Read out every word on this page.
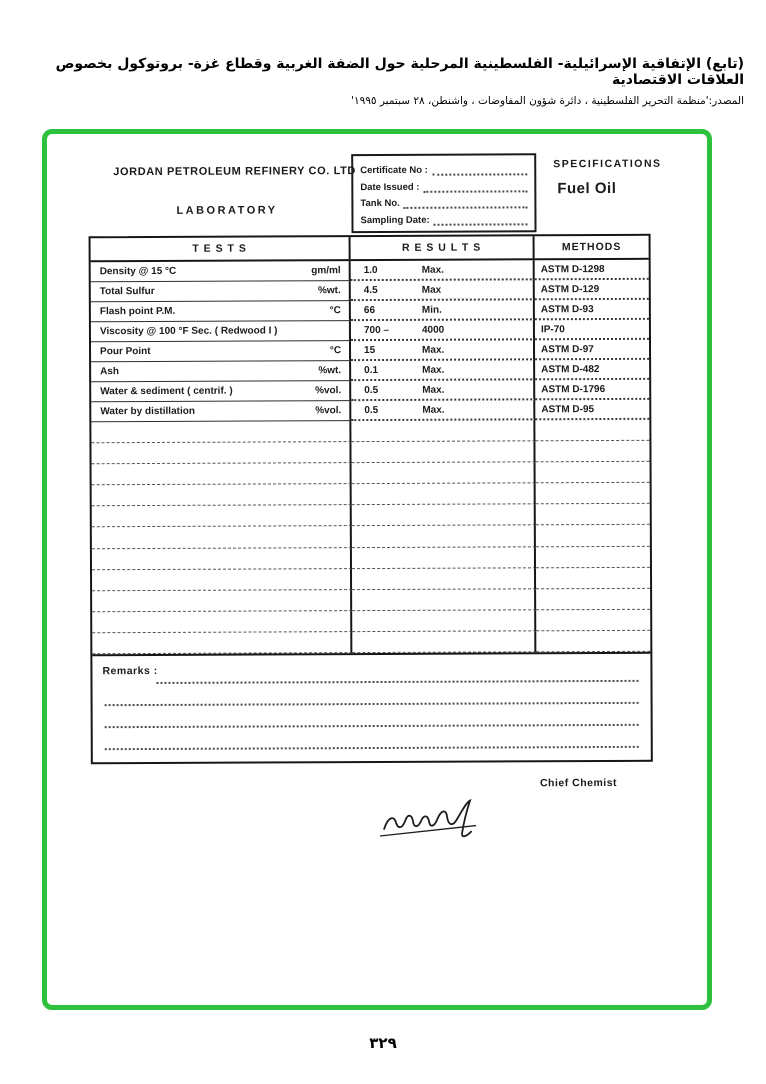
(تابع) الإتفاقية الإسرائيلية- الفلسطينية المرحلية حول الضفة الغربية وقطاع غزة- بروتوكول بخصوص العلاقات الاقتصادية
المصدر:'منظمة التحرير الفلسطينية ، دائرة شؤون المفاوضات ، واشنطن، ٢٨ سبتمبر ١٩٩٥'
JORDAN PETROLEUM REFINERY CO. LTD
LABORATORY
Certificate No :
Date Issued :
Tank No.
Sampling Date:
SPECIFICATIONS
Fuel Oil
T E S T S	R E S U L T S	METHODS
Density @ 15 °C	gm/ml 1.0	Max.	ASTM D-1298
Total Sulfur	%wt. 4.5	Max	ASTM D-129
Flash point P.M.	°C 66	Min.	ASTM D-93
Viscosity @ 100 °F Sec. ( Redwood I )	700 –	4000	IP-70
Pour Point	°C 15	Max.	ASTM D-97
Ash	%wt. 0.1	Max.	ASTM D-482
Water & sediment ( centrif. )	%vol. 0.5	Max.	ASTM D-1796
Water by distillation	%vol. 0.5	Max.	ASTM D-95
Remarks :
Chief Chemist
٣٢٩
